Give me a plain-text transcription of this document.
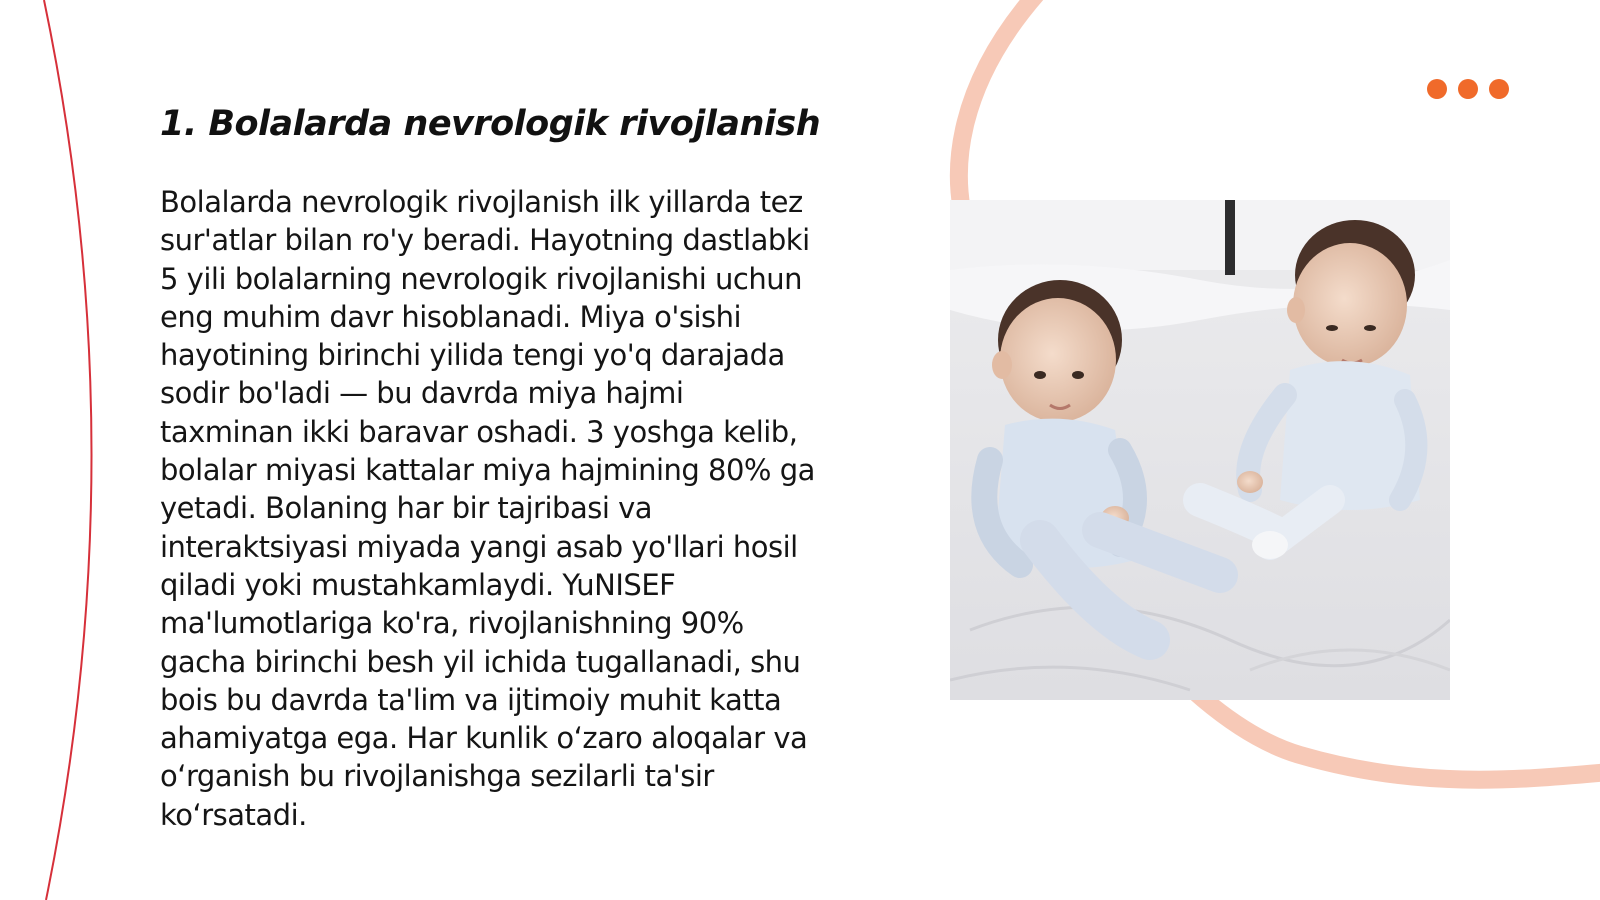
1. Bolalarda nevrologik rivojlanish

Bolalarda nevrologik rivojlanish ilk yillarda tez sur'atlar bilan ro'y beradi. Hayotning dastlabki 5 yili bolalarning nevrologik rivojlanishi uchun eng muhim davr hisoblanadi. Miya o'sishi hayotining birinchi yilida tengi yo'q darajada sodir bo'ladi — bu davrda miya hajmi taxminan ikki baravar oshadi. 3 yoshga kelib, bolalar miyasi kattalar miya hajmining 80% ga yetadi. Bolaning har bir tajribasi va interaktsiyasi miyada yangi asab yo'llari hosil qiladi yoki mustahkamlaydi. YuNISEF ma'lumotlariga ko'ra, rivojlanishning 90% gacha birinchi besh yil ichida tugallanadi, shu bois bu davrda ta'lim va ijtimoiy muhit katta ahamiyatga ega. Har kunlik o‘zaro aloqalar va o‘rganish bu rivojlanishga sezilarli ta'sir ko‘rsatadi.
